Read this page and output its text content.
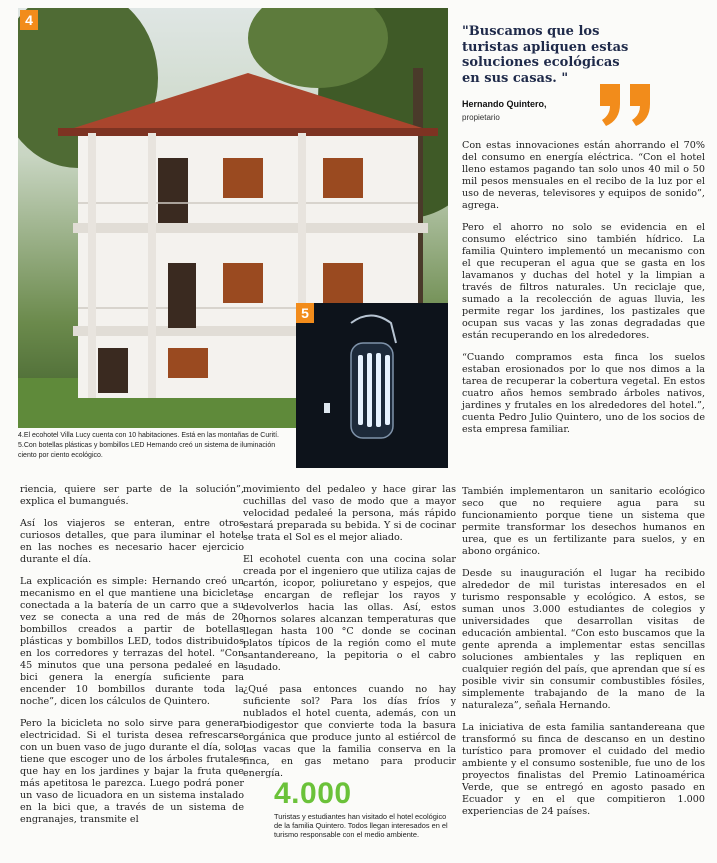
4
5

4.El ecohotel Villa Lucy cuenta con 10 habitaciones. Está en las montañas de Curití.

5.Con botellas plásticas y bombillos LED Hernando creó un sistema de iluminación ciento por ciento ecológico.

"Buscamos que los turistas apliquen estas soluciones ecológicas en sus casas. "
Hernando Quintero,
propietario

Con estas innovaciones están ahorrando el 70% del consumo en energía eléctrica. “Con el hotel lleno estamos pagando tan solo unos 40 mil o 50 mil pesos mensuales en el recibo de la luz por el uso de neveras, televisores y equipos de sonido”, agrega.

Pero el ahorro no solo se evidencia en el consumo eléctrico sino también hídrico. La familia Quintero implementó un mecanismo con el que recuperan el agua que se gasta en los lavamanos y duchas del hotel y la limpian a través de filtros naturales. Un reciclaje que, sumado a la recolección de aguas lluvia, les permite regar los jardines, los pastizales que ocupan sus vacas y las zonas degradadas que están recuperando en los alrededores.

“Cuando compramos esta finca los suelos estaban erosionados por lo que nos dimos a la tarea de recuperar la cobertura vegetal. En estos cuatro años hemos sembrado árboles nativos, jardines y frutales en los alrededores del hotel.”, cuenta Pedro Julio Quintero, uno de los socios de esta empresa familiar.

También implementaron un sanitario ecológico seco que no requiere agua para su funcionamiento porque tiene un sistema que permite transformar los desechos humanos en urea, que es un fertilizante para suelos, y en abono orgánico.

Desde su inauguración el lugar ha recibido alrededor de mil turistas interesados en el turismo responsable y ecológico. A estos, se suman unos 3.000 estudiantes de colegios y universidades que desarrollan visitas de educación ambiental. “Con esto buscamos que la gente aprenda a implementar estas sencillas soluciones ambientales y las repliquen en cualquier región del país, que aprendan que sí es posible vivir sin consumir combustibles fósiles, simplemente trabajando de la mano de la naturaleza”, señala Hernando.

La iniciativa de esta familia santandereana que transformó su finca de descanso en un destino turístico para promover el cuidado del medio ambiente y el consumo sostenible, fue uno de los proyectos finalistas del Premio Latinoamérica Verde, que se entregó en agosto pasado en Ecuador y en el que compitieron 1.000 experiencias de 24 países.

riencia, quiere ser parte de la solución”, explica el bumangués.

Así los viajeros se enteran, entre otros curiosos detalles, que para iluminar el hotel en las noches es necesario hacer ejercicio durante el día.

La explicación es simple: Hernando creó un mecanismo en el que mantiene una bicicleta conectada a la batería de un carro que a su vez se conecta a una red de más de 20 bombillos creados a partir de botellas plásticas y bombillos LED, todos distribuidos en los corredores y terrazas del hotel. “Con 45 minutos que una persona pedaleé en la bici genera la energía suficiente para encender 10 bombillos durante toda la noche”, dicen los cálculos de Quintero.

Pero la bicicleta no solo sirve para generar electricidad. Si el turista desea refrescarse con un buen vaso de jugo durante el día, solo tiene que escoger uno de los árboles frutales que hay en los jardines y bajar la fruta que más apetitosa le parezca. Luego podrá poner un vaso de licuadora en un sistema instalado en la bici que, a través de un sistema de engranajes, transmite el

movimiento del pedaleo y hace girar las cuchillas del vaso de modo que a mayor velocidad pedaleé la persona, más rápido estará preparada su bebida. Y si de cocinar se trata el Sol es el mejor aliado.

El ecohotel cuenta con una cocina solar creada por el ingeniero que utiliza cajas de cartón, icopor, poliuretano y espejos, que se encargan de reflejar los rayos y devolverlos hacia las ollas. Así, estos hornos solares alcanzan temperaturas que llegan hasta 100 °C donde se cocinan platos típicos de la región como el mute santandereano, la pepitoria o el cabro sudado.

¿Qué pasa entonces cuando no hay suficiente sol? Para los días fríos y nublados el hotel cuenta, además, con un biodigestor que convierte toda la basura orgánica que produce junto al estiércol de las vacas que la familia conserva en la finca, en gas metano para producir energía.

4.000
Turistas y estudiantes han visitado el hotel ecológico de la familia Quintero. Todos llegan interesados en el turismo responsable con el medio ambiente.
